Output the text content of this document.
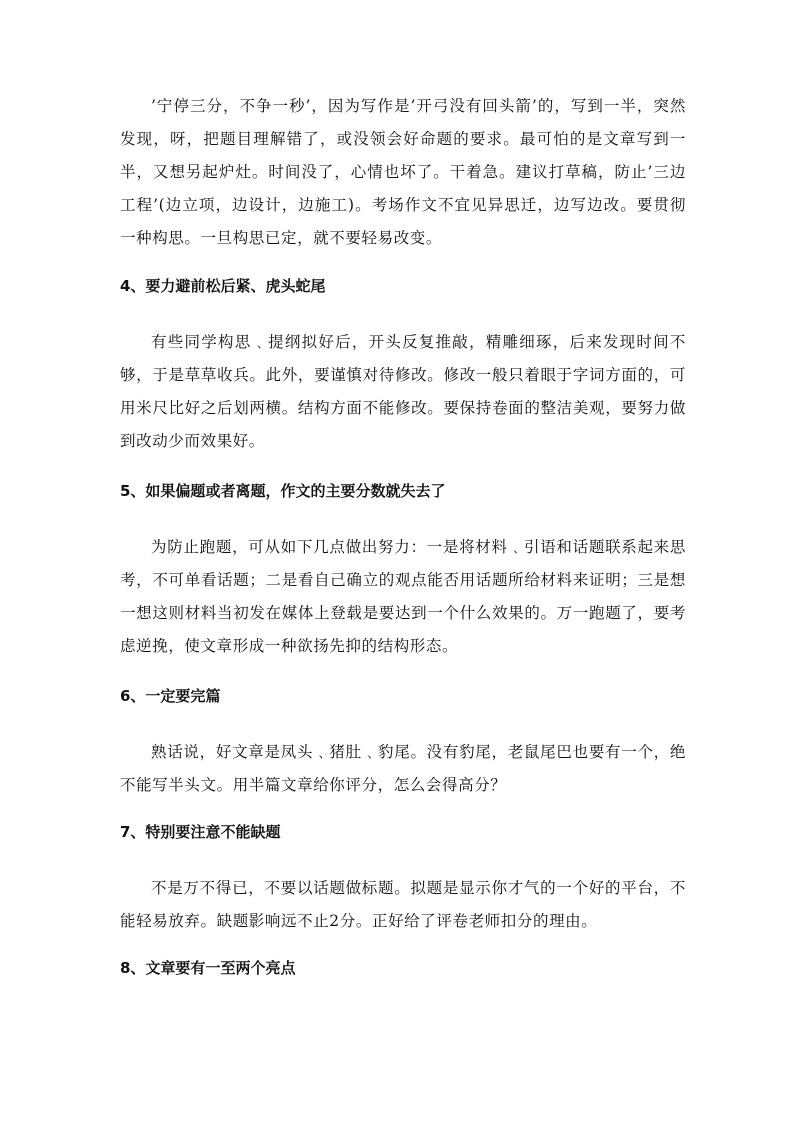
’宁停三分，不争一秒’，因为写作是’开弓没有回头箭’的，写到一半，突然发现，呀，把题目理解错了，或没领会好命题的要求。最可怕的是文章写到一半，又想另起炉灶。时间没了，心情也坏了。干着急。建议打草稿，防止’三边工程’(边立项，边设计，边施工)。考场作文不宜见异思迁，边写边改。要贯彻一种构思。一旦构思已定，就不要轻易改变。

4、要力避前松后紧、虎头蛇尾

有些同学构思﹑提纲拟好后，开头反复推敲，精雕细琢，后来发现时间不够，于是草草收兵。此外，要谨慎对待修改。修改一般只着眼于字词方面的，可用米尺比好之后划两横。结构方面不能修改。要保持卷面的整洁美观，要努力做到改动少而效果好。

5、如果偏题或者离题，作文的主要分数就失去了

为防止跑题，可从如下几点做出努力：一是将材料﹑引语和话题联系起来思考，不可单看话题；二是看自己确立的观点能否用话题所给材料来证明；三是想一想这则材料当初发在媒体上登载是要达到一个什么效果的。万一跑题了，要考虑逆挽，使文章形成一种欲扬先抑的结构形态。

6、一定要完篇

熟话说，好文章是凤头﹑猪肚﹑豹尾。没有豹尾，老鼠尾巴也要有一个，绝不能写半头文。用半篇文章给你评分，怎么会得高分？

7、特别要注意不能缺题

不是万不得已，不要以话题做标题。拟题是显示你才气的一个好的平台，不能轻易放弃。缺题影响远不止2分。正好给了评卷老师扣分的理由。

8、文章要有一至两个亮点
